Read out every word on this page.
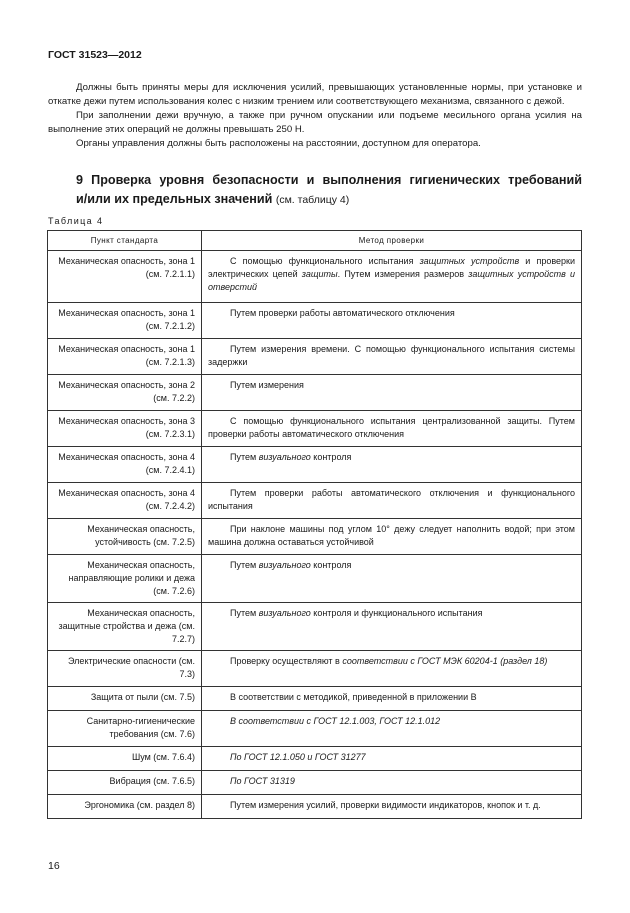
ГОСТ 31523—2012

Должны быть приняты меры для исключения усилий, превышающих установленные нормы, при установке и откатке дежи путем использования колес с низким трением или соответствующего механизма, связанного с дежой.

При заполнении дежи вручную, а также при ручном опускании или подъеме месильного органа усилия на выполнение этих операций не должны превышать 250 Н.

Органы управления должны быть расположены на расстоянии, доступном для оператора.

9 Проверка уровня безопасности и выполнения гигиенических требований
и/или их предельных значений (см. таблицу 4)
Таблица 4
Пункт стандарта	Метод проверки
Механическая опасность, зона 1 (см. 7.2.1.1)	С помощью функционального испытания защитных устройств и проверки электрических цепей защиты. Путем измерения размеров защитных устройств и отверстий

Механическая опасность, зона 1 (см. 7.2.1.2)	Путем проверки работы автоматического отключения

Механическая опасность, зона 1 (см. 7.2.1.3)	Путем измерения времени. С помощью функционального испытания системы задержки

Механическая опасность, зона 2 (см. 7.2.2)	Путем измерения

Механическая опасность, зона 3 (см. 7.2.3.1)	С помощью функционального испытания централизованной защиты. Путем проверки работы автоматического отключения

Механическая опасность, зона 4 (см. 7.2.4.1)	Путем визуального контроля

Механическая опасность, зона 4 (см. 7.2.4.2)	Путем проверки работы автоматического отключения и функционального испытания

Механическая опасность, устойчивость (см. 7.2.5)	При наклоне машины под углом 10° дежу следует наполнить водой; при этом машина должна оставаться устойчивой

Механическая опасность, направляющие ролики и дежа (см. 7.2.6)	Путем визуального контроля

Механическая опасность, защитные стройства и дежа (см. 7.2.7)	Путем визуального контроля и функционального испытания

Электрические опасности (см. 7.3)	Проверку осуществляют в соответствии с ГОСТ МЭК 60204-1 (раздел 18)

Защита от пыли (см. 7.5)	В соответствии с методикой, приведенной в приложении В

Санитарно-гигиенические требования (см. 7.6)	В соответствии с ГОСТ 12.1.003, ГОСТ 12.1.012

Шум (см. 7.6.4)	По ГОСТ 12.1.050 и ГОСТ 31277

Вибрация (см. 7.6.5)	По ГОСТ 31319

Эргономика (см. раздел 8)	Путем измерения усилий, проверки видимости индикаторов, кнопок и т. д.
16
